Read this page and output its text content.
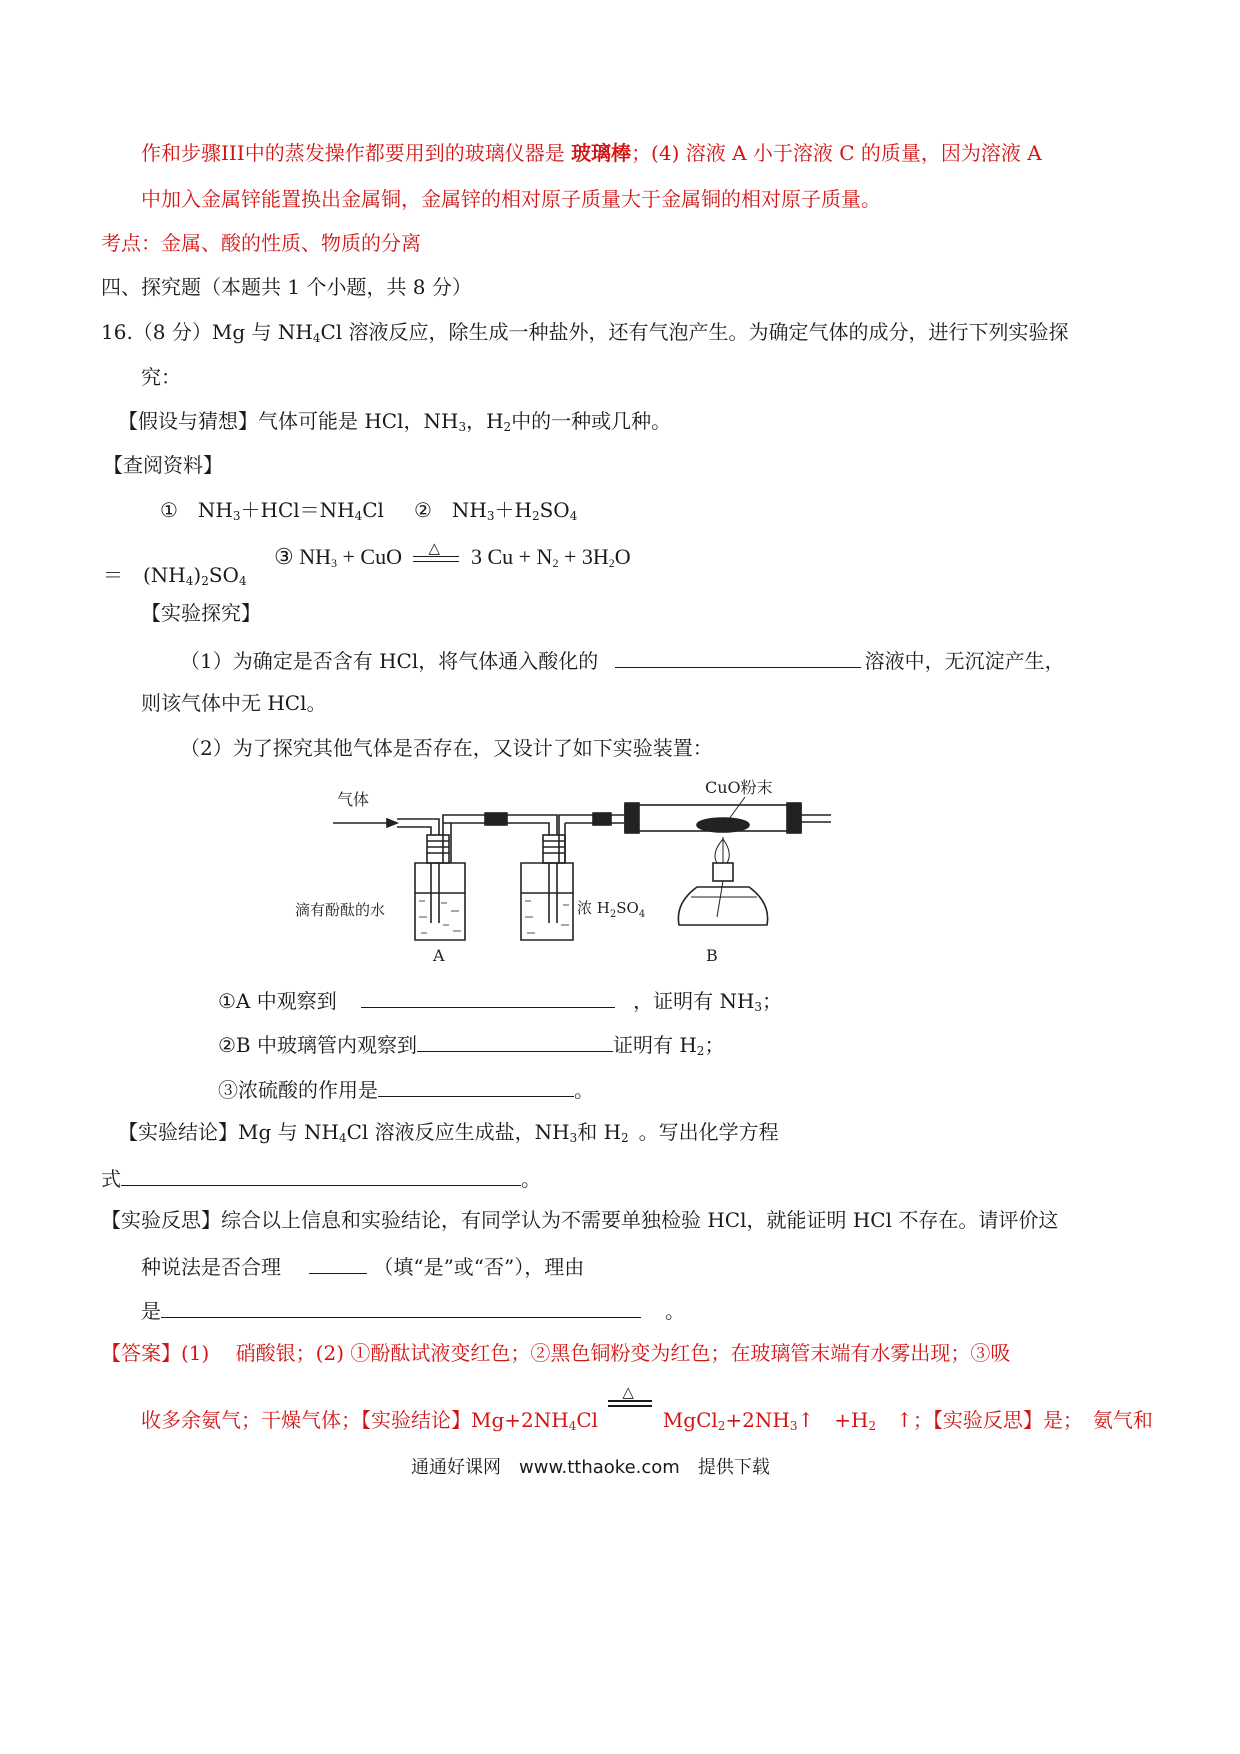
作和步骤III中的蒸发操作都要用到的玻璃仪器是 玻璃棒；(4) 溶液 A 小于溶液 C 的质量，因为溶液 A
中加入金属锌能置换出金属铜，金属锌的相对原子质量大于金属铜的相对原子质量。
考点：金属、酸的性质、物质的分离
四、探究题（本题共 1 个小题，共 8 分）
16.（8 分）Mg 与 $NH_4Cl$ 溶液反应，除生成一种盐外，还有气泡产生。为确定气体的成分，进行下列实验探
究：
【假设与猜想】气体可能是 HCl，$NH_3$，$H_2$中的一种或几种。
【查阅资料】
①　$NH_3+HCl=NH_4Cl$ ②　$NH_3+H_2SO_4$
＝　$(NH_4)_2SO_4$
③ $NH_3$ + CuO △ 3 $Cu + N_2 + 3H_2O$
【实验探究】
（1）为确定是否含有 HCl，将气体通入酸化的	溶液中，无沉淀产生，
则该气体中无 HCl。
（2）为了探究其他气体是否存在，又设计了如下实验装置：
气体
CuO粉末
滴有酚酞的水	浓 $H_2SO_4$
A	B
①A 中观察到	，证明有 $NH_3$；
②B 中玻璃管内观察到	证明有 $H_2$；
③浓硫酸的作用是	。
【实验结论】Mg 与 $NH_4Cl$ 溶液反应生成盐，$NH_3$和 $H_2$ 。写出化学方程
式	。
【实验反思】综合以上信息和实验结论，有同学认为不需要单独检验 HCl，就能证明 HCl 不存在。请评价这
种说法是否合理	（填“是”或“否”），理由
是	。
【答案】(1)　 硝酸银；(2) ①酚酞试液变红色；②黑色铜粉变为红色；在玻璃管末端有水雾出现；③吸
收多余氨气；干燥气体；【实验结论】$Mg+2NH_4Cl$
△
$MgCl_2+2NH_3↑$　$+H_2$　↑；【实验反思】是；　氨气和
通通好课网　www.tthaoke.com　提供下载
